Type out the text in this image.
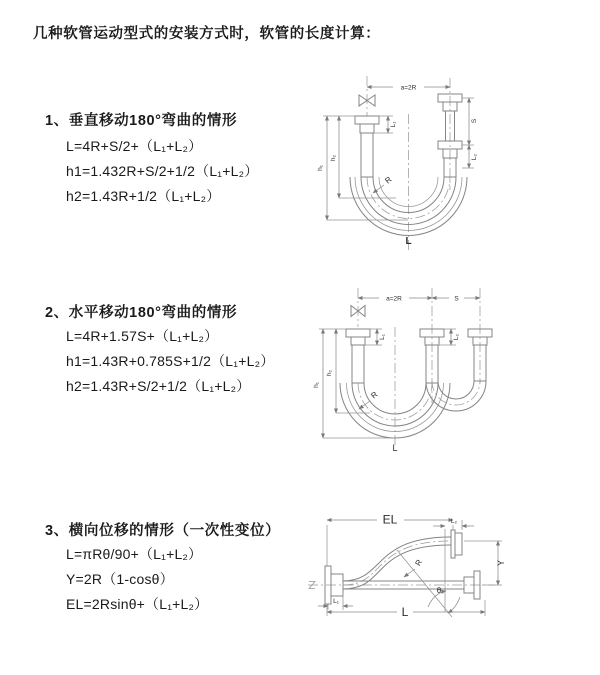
几种软管运动型式的安装方式时，软管的长度计算：
1、垂直移动180°弯曲的情形
L=4R+S/2+（L₁+L₂）
h1=1.432R+S/2+1/2（L₁+L₂）
h2=1.43R+1/2（L₁+L₂）
2、水平移动180°弯曲的情形
L=4R+1.57S+（L₁+L₂）
h1=1.43R+0.785S+1/2（L₁+L₂）
h2=1.43R+S/2+1/2（L₁+L₂）
3、横向位移的情形（一次性变位）
L=πRθ/90+（L₁+L₂）
Y=2R（1-cosθ）
EL=2Rsinθ+（L₁+L₂）
a=2R
S
L₂
L₁
h₁
h₂
R
L
a=2R	S
h₁
h₂
L₁	L₂
R
L
θ
EL
L
Y
R
L₂
L₁
